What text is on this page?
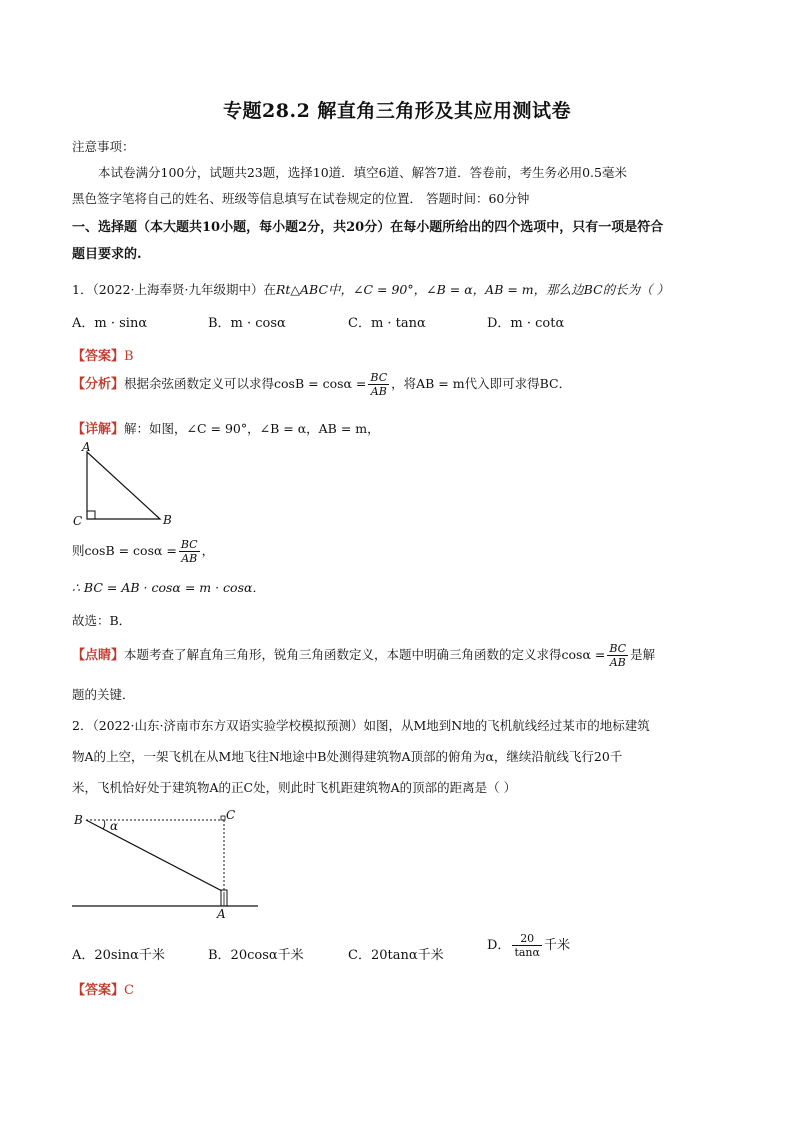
专题28.2 解直角三角形及其应用测试卷
注意事项：
本试卷满分100分，试题共23题，选择10道．填空6道、解答7道．答卷前，考生务必用0.5毫米
黑色签字笔将自己的姓名、班级等信息填写在试卷规定的位置． 答题时间：60分钟
一、选择题（本大题共10小题，每小题2分，共20分）在每小题所给出的四个选项中，只有一项是符合
题目要求的.
1．（2022·上海奉贤·九年级期中）在Rt△ABC中，∠C = 90°，∠B = α，AB = m，那么边BC的长为（ ）
A．m · sinα	B．m · cosα	C．m · tanα	D．m · cotα
【答案】B
【分析】根据余弦函数定义可以求得$\cos B = \cos\alpha = \frac{BC}{AB}$ ，将AB = m代入即可求得BC．
【详解】解：如图，∠C = 90°，∠B = α，AB = m，
A
C	B
则$\cos B = \cos\alpha = \frac{BC}{AB}$ ，
∴ BC = AB · cosα = m · cosα．
故选：B．
【点睛】本题考查了解直角三角形，锐角三角函数定义，本题中明确三角函数的定义求得$\cos\alpha = \frac{BC}{AB}$ 是解
题的关键．
2．（2022·山东·济南市东方双语实验学校模拟预测）如图，从M地到N地的飞机航线经过某市的地标建筑
物A的上空，一架飞机在从M地飞往N地途中B处测得建筑物A顶部的俯角为α，继续沿航线飞行20千
米，飞机恰好处于建筑物A的正C处，则此时飞机距建筑物A的顶部的距离是（ ）
B α
C
A
A．20sinα千米	B．20cosα千米	C．20tanα千米
D． $\frac{20}{\tan\alpha}$ 千米
【答案】C
